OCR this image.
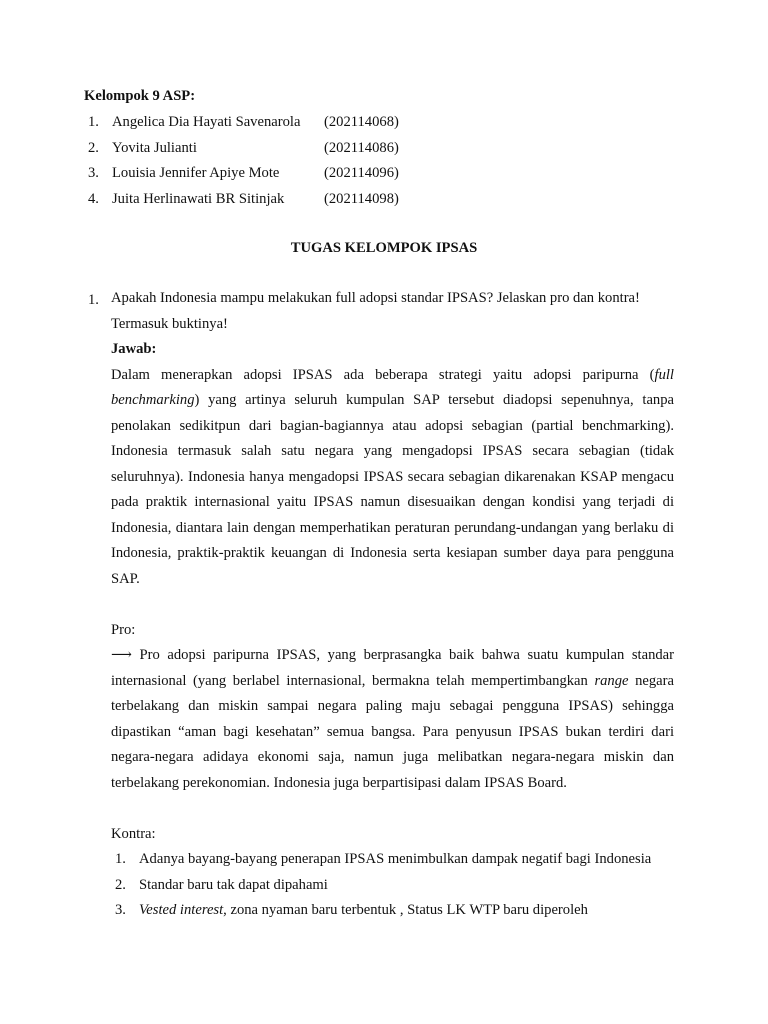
Kelompok 9 ASP:
1. Angelica Dia Hayati Savenarola (202114068)
2. Yovita Julianti	(202114086)
3. Louisia Jennifer Apiye Mote	(202114096)
4. Juita Herlinawati BR Sitinjak	(202114098)
TUGAS KELOMPOK IPSAS
1. Apakah Indonesia mampu melakukan full adopsi standar IPSAS? Jelaskan pro dan kontra! Termasuk buktinya!

Jawab:

Dalam menerapkan adopsi IPSAS ada beberapa strategi yaitu adopsi paripurna (full benchmarking) yang artinya seluruh kumpulan SAP tersebut diadopsi sepenuhnya, tanpa penolakan sedikitpun dari bagian-bagiannya atau adopsi sebagian (partial benchmarking). Indonesia termasuk salah satu negara yang mengadopsi IPSAS secara sebagian (tidak seluruhnya). Indonesia hanya mengadopsi IPSAS secara sebagian dikarenakan KSAP mengacu pada praktik internasional yaitu IPSAS namun disesuaikan dengan kondisi yang terjadi di Indonesia, diantara lain dengan memperhatikan peraturan perundang-undangan yang berlaku di Indonesia, praktik-praktik keuangan di Indonesia serta kesiapan sumber daya para pengguna SAP.

Pro:

⟶ Pro adopsi paripurna IPSAS, yang berprasangka baik bahwa suatu kumpulan standar internasional (yang berlabel internasional, bermakna telah mempertimbangkan range negara terbelakang dan miskin sampai negara paling maju sebagai pengguna IPSAS) sehingga dipastikan “aman bagi kesehatan” semua bangsa. Para penyusun IPSAS bukan terdiri dari negara-negara adidaya ekonomi saja, namun juga melibatkan negara-negara miskin dan terbelakang perekonomian. Indonesia juga berpartisipasi dalam IPSAS Board.

Kontra:

1. Adanya bayang-bayang penerapan IPSAS menimbulkan dampak negatif bagi Indonesia
2. Standar baru tak dapat dipahami
3. Vested interest, zona nyaman baru terbentuk , Status LK WTP baru diperoleh
